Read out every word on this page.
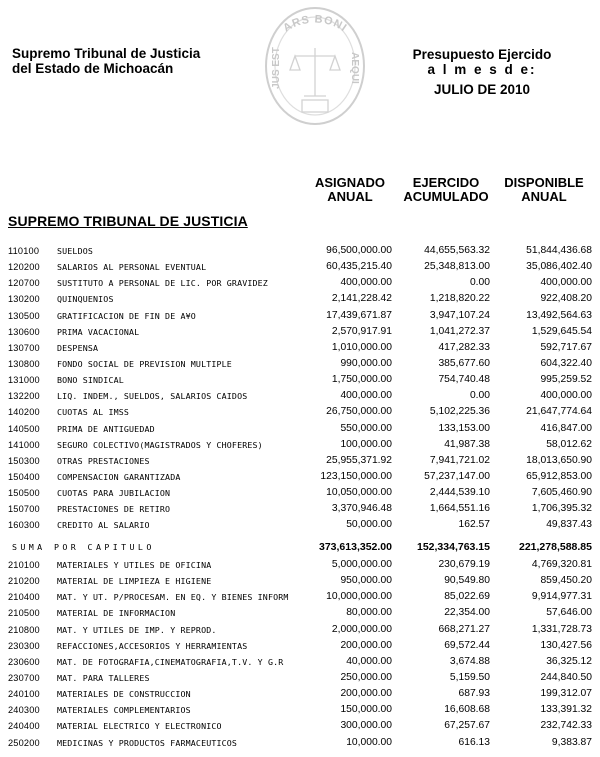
ARS BONI
JUS EST	AEQUI
Supremo Tribunal de Justicia
del Estado de Michoacán
Presupuesto Ejercido
a l m e s d e:
JULIO DE 2010
ASIGNADO
ANUAL
EJERCIDO
ACUMULADO
DISPONIBLE
ANUAL
SUPREMO TRIBUNAL DE JUSTICIA
110100 SUELDOS	96,500,000.00	44,655,563.32	51,844,436.68
120200 SALARIOS AL PERSONAL EVENTUAL	60,435,215.40	25,348,813.00	35,086,402.40
120700 SUSTITUTO A PERSONAL DE LIC. POR GRAVIDEZ	400,000.00	0.00	400,000.00
130200 QUINQUENIOS	2,141,228.42	1,218,820.22	922,408.20
130500 GRATIFICACION DE FIN DE A¥O	17,439,671.87	3,947,107.24	13,492,564.63
130600 PRIMA VACACIONAL	2,570,917.91	1,041,272.37	1,529,645.54
130700 DESPENSA	1,010,000.00	417,282.33	592,717.67
130800 FONDO SOCIAL DE PREVISION MULTIPLE	990,000.00	385,677.60	604,322.40
131000 BONO SINDICAL	1,750,000.00	754,740.48	995,259.52
132200 LIQ. INDEM., SUELDOS, SALARIOS CAIDOS	400,000.00	0.00	400,000.00
140200 CUOTAS AL IMSS	26,750,000.00	5,102,225.36	21,647,774.64
140500 PRIMA DE ANTIGUEDAD	550,000.00	133,153.00	416,847.00
141000 SEGURO COLECTIVO(MAGISTRADOS Y CHOFERES)	100,000.00	41,987.38	58,012.62
150300 OTRAS PRESTACIONES	25,955,371.92	7,941,721.02	18,013,650.90
150400 COMPENSACION GARANTIZADA	123,150,000.00	57,237,147.00	65,912,853.00
150500 CUOTAS PARA JUBILACION	10,050,000.00	2,444,539.10	7,605,460.90
150700 PRESTACIONES DE RETIRO	3,370,946.48	1,664,551.16	1,706,395.32
160300 CREDITO AL SALARIO	50,000.00	162.57	49,837.43
SUMA POR CAPITULO	373,613,352.00 152,334,763.15	221,278,588.85
210100 MATERIALES Y UTILES DE OFICINA	5,000,000.00	230,679.19	4,769,320.81
210200 MATERIAL DE LIMPIEZA E HIGIENE	950,000.00	90,549.80	859,450.20
210400 MAT. Y UT. P/PROCESAM. EN EQ. Y BIENES INFORM	10,000,000.00	85,022.69	9,914,977.31
210500 MATERIAL DE INFORMACION	80,000.00	22,354.00	57,646.00
210800 MAT. Y UTILES DE IMP. Y REPROD.	2,000,000.00	668,271.27	1,331,728.73
230300 REFACCIONES,ACCESORIOS Y HERRAMIENTAS	200,000.00	69,572.44	130,427.56
230600 MAT. DE FOTOGRAFIA,CINEMATOGRAFIA,T.V. Y G.R	40,000.00	3,674.88	36,325.12
230700 MAT. PARA TALLERES	250,000.00	5,159.50	244,840.50
240100 MATERIALES DE CONSTRUCCION	200,000.00	687.93	199,312.07
240300 MATERIALES COMPLEMENTARIOS	150,000.00	16,608.68	133,391.32
240400 MATERIAL ELECTRICO Y ELECTRONICO	300,000.00	67,257.67	232,742.33
250200 MEDICINAS Y PRODUCTOS FARMACEUTICOS	10,000.00	616.13	9,383.87
